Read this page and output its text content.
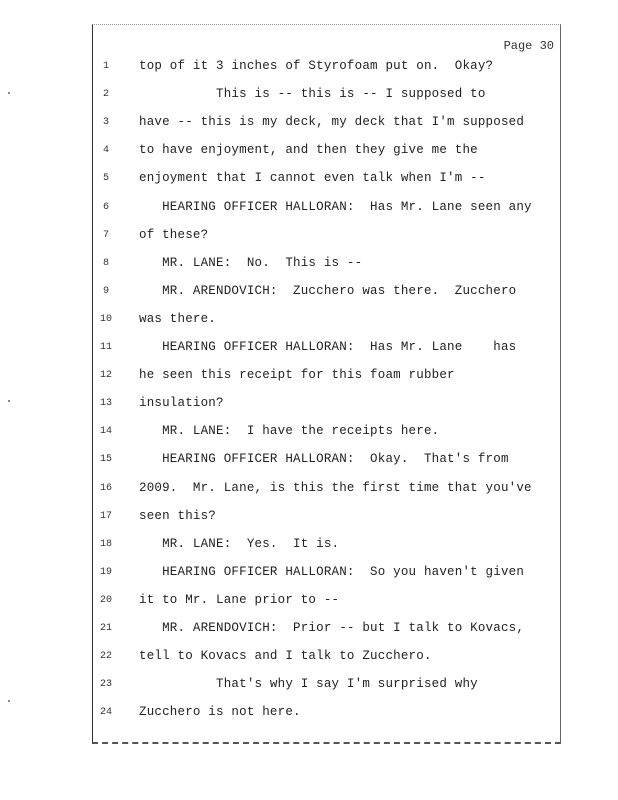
Page 30
1	top of it 3 inches of Styrofoam put on.  Okay?
2	This is -- this is -- I supposed to
3	have -- this is my deck, my deck that I'm supposed
4	to have enjoyment, and then they give me the
5	enjoyment that I cannot even talk when I'm --
6	HEARING OFFICER HALLORAN:  Has Mr. Lane seen any
7	of these?
8	MR. LANE:  No.  This is --
9	MR. ARENDOVICH:  Zucchero was there.  Zucchero
10	was there.
11	HEARING OFFICER HALLORAN:  Has Mr. Lane    has
12	he seen this receipt for this foam rubber
13	insulation?
14	MR. LANE:  I have the receipts here.
15	HEARING OFFICER HALLORAN:  Okay.  That's from
16	2009.  Mr. Lane, is this the first time that you've
17	seen this?
18	MR. LANE:  Yes.  It is.
19	HEARING OFFICER HALLORAN:  So you haven't given
20	it to Mr. Lane prior to --
21	MR. ARENDOVICH:  Prior -- but I talk to Kovacs,
22	tell to Kovacs and I talk to Zucchero.
23	That's why I say I'm surprised why
24	Zucchero is not here.
